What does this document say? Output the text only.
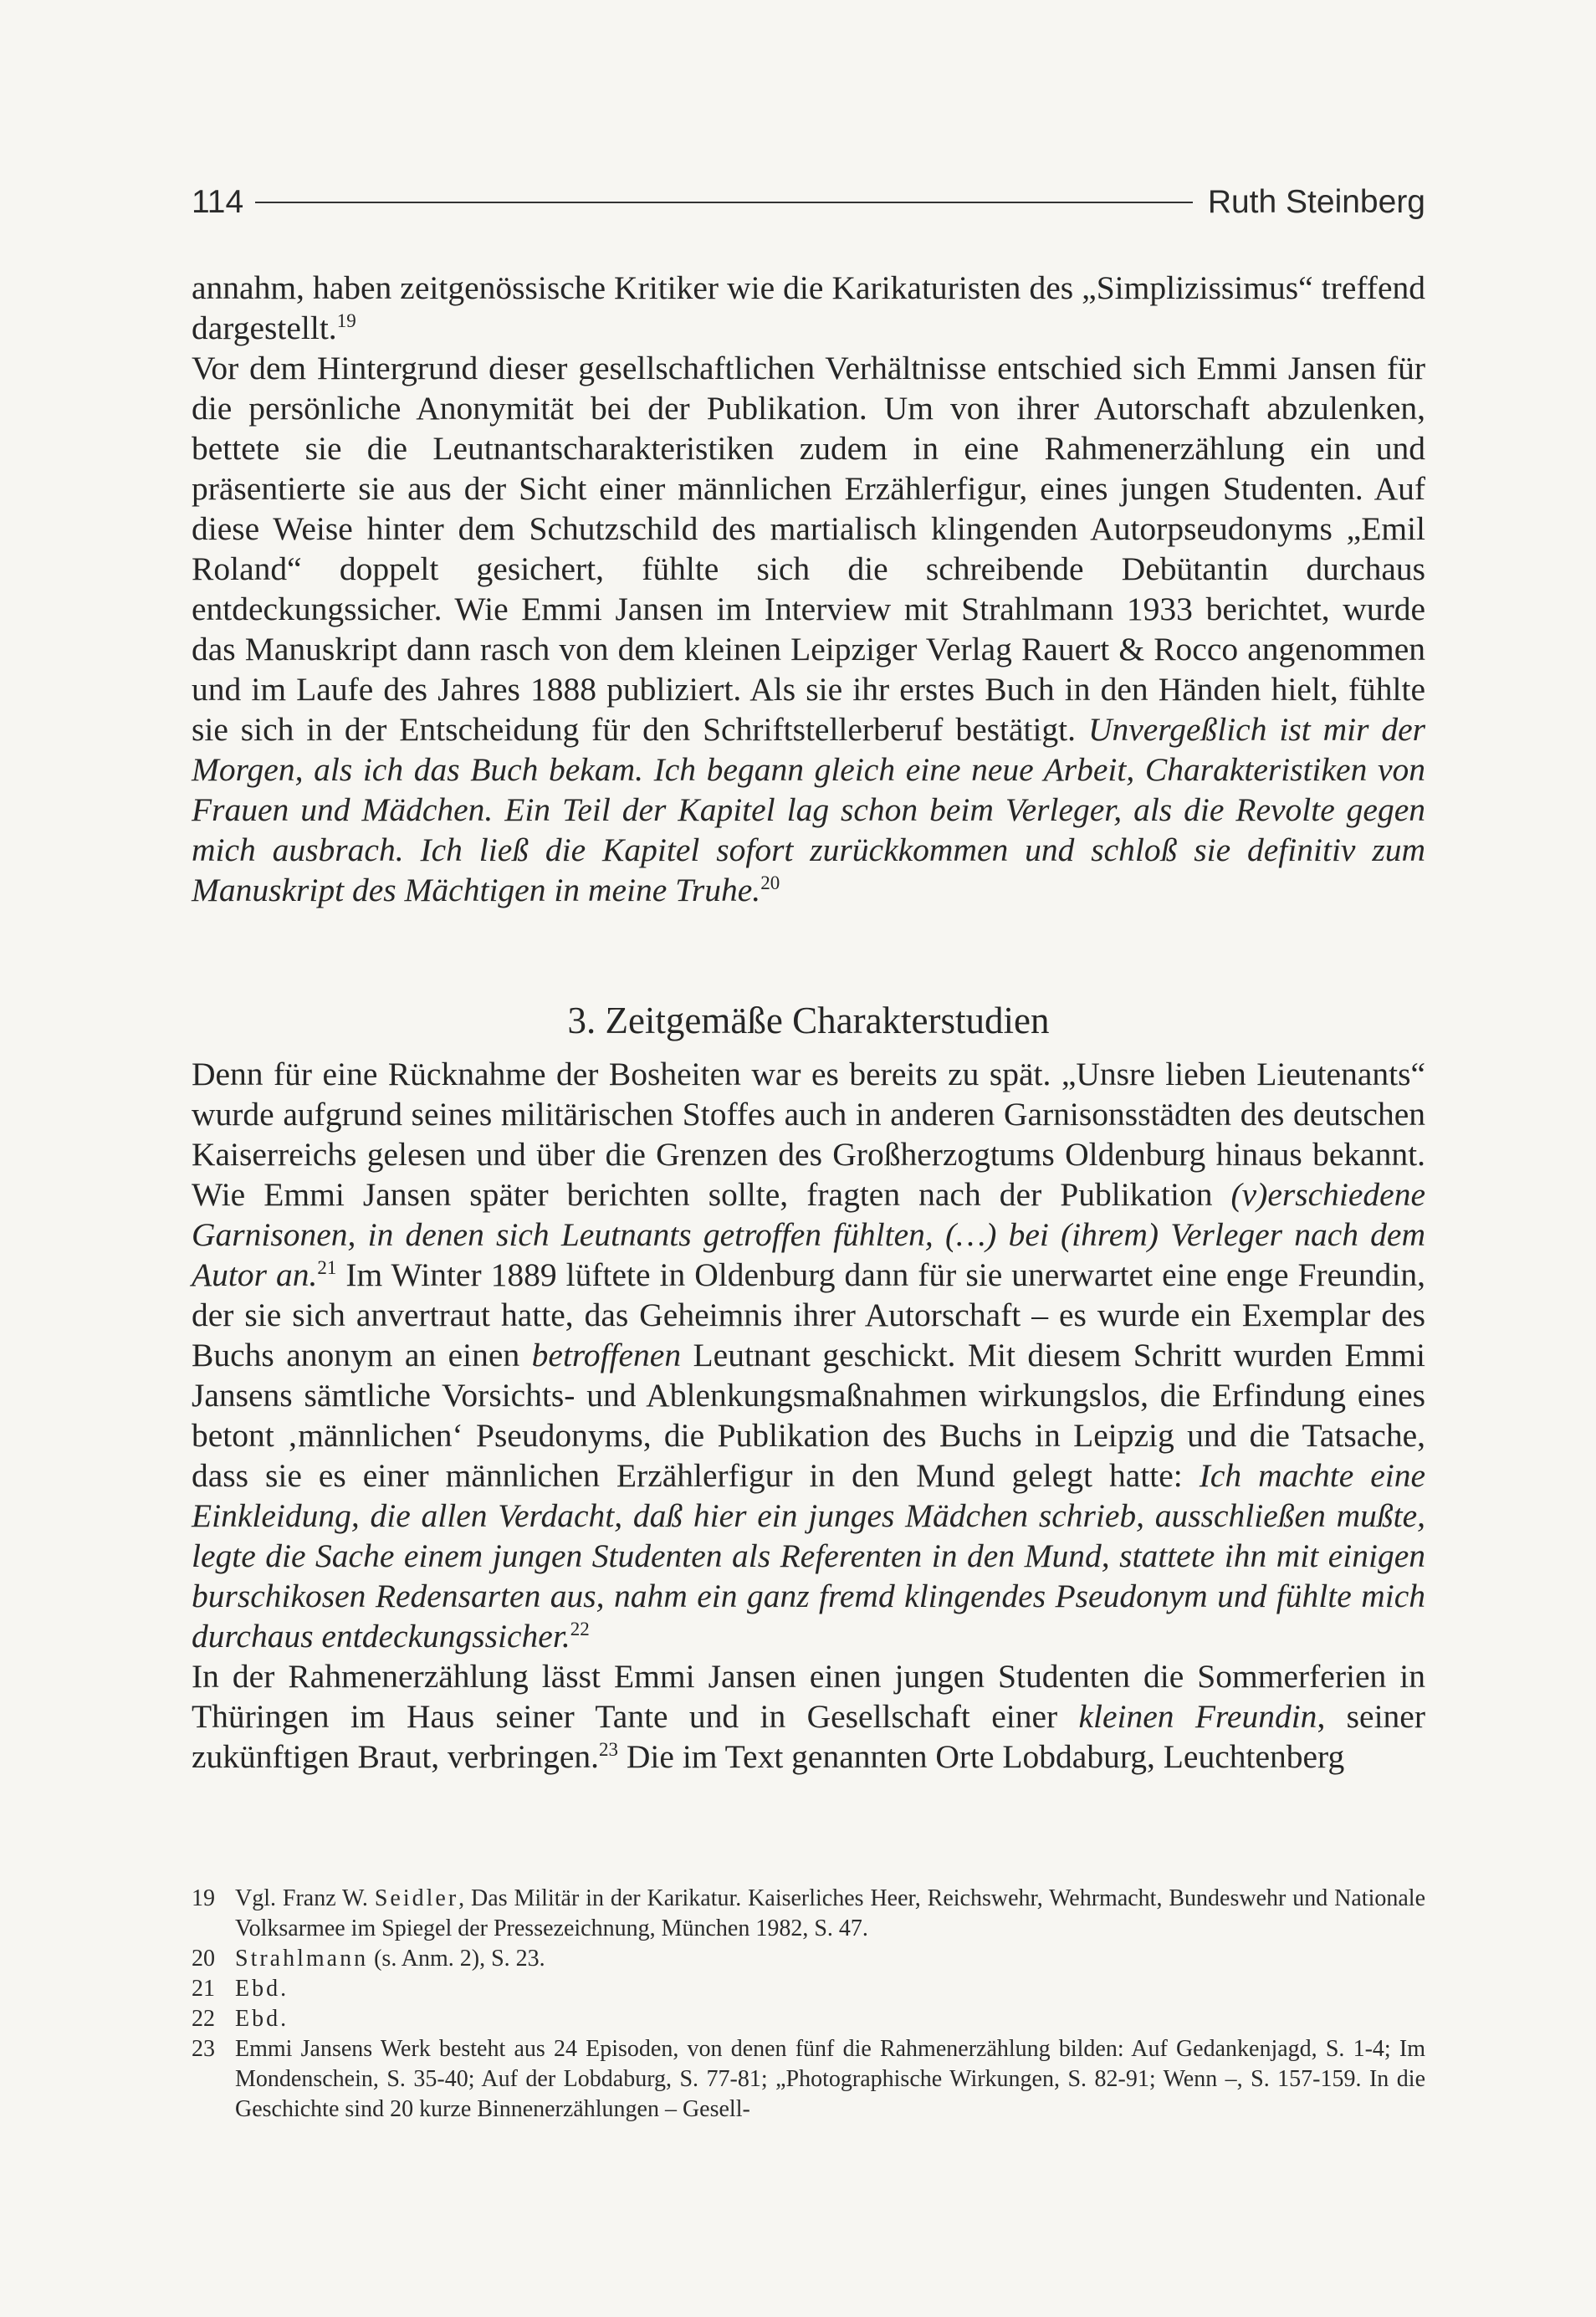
114	Ruth Steinberg

annahm, haben zeitgenössische Kritiker wie die Karikaturisten des „Simplizissimus“ treffend dargestellt.$^{19}$

Vor dem Hintergrund dieser gesellschaftlichen Verhältnisse entschied sich Emmi Jansen für die persönliche Anonymität bei der Publikation. Um von ihrer Autorschaft abzulenken, bettete sie die Leutnantscharakteristiken zudem in eine Rahmenerzählung ein und präsentierte sie aus der Sicht einer männlichen Erzählerfigur, eines jungen Studenten. Auf diese Weise hinter dem Schutzschild des martialisch klingenden Autorpseudonyms „Emil Roland“ doppelt gesichert, fühlte sich die schreibende Debütantin durchaus entdeckungssicher. Wie Emmi Jansen im Interview mit Strahlmann 1933 berichtet, wurde das Manuskript dann rasch von dem kleinen Leipziger Verlag Rauert & Rocco angenommen und im Laufe des Jahres 1888 publiziert. Als sie ihr erstes Buch in den Händen hielt, fühlte sie sich in der Entscheidung für den Schriftstellerberuf bestätigt. Unvergeßlich ist mir der Morgen, als ich das Buch bekam. Ich begann gleich eine neue Arbeit, Charakteristiken von Frauen und Mädchen. Ein Teil der Kapitel lag schon beim Verleger, als die Revolte gegen mich ausbrach. Ich ließ die Kapitel sofort zurückkommen und schloß sie definitiv zum Manuskript des Mächtigen in meine Truhe.$^{20}$

3. Zeitgemäße Charakterstudien

Denn für eine Rücknahme der Bosheiten war es bereits zu spät. „Unsre lieben Lieutenants“ wurde aufgrund seines militärischen Stoffes auch in anderen Garnisonsstädten des deutschen Kaiserreichs gelesen und über die Grenzen des Großherzogtums Oldenburg hinaus bekannt. Wie Emmi Jansen später berichten sollte, fragten nach der Publikation (v)erschiedene Garnisonen, in denen sich Leutnants getroffen fühlten, (…) bei (ihrem) Verleger nach dem Autor an.$^{21}$ Im Winter 1889 lüftete in Oldenburg dann für sie unerwartet eine enge Freundin, der sie sich anvertraut hatte, das Geheimnis ihrer Autorschaft – es wurde ein Exemplar des Buchs anonym an einen betroffenen Leutnant geschickt. Mit diesem Schritt wurden Emmi Jansens sämtliche Vorsichts- und Ablenkungsmaßnahmen wirkungslos, die Erfindung eines betont ‚männlichen‘ Pseudonyms, die Publikation des Buchs in Leipzig und die Tatsache, dass sie es einer männlichen Erzählerfigur in den Mund gelegt hatte: Ich machte eine Einkleidung, die allen Verdacht, daß hier ein junges Mädchen schrieb, ausschließen mußte, legte die Sache einem jungen Studenten als Referenten in den Mund, stattete ihn mit einigen burschikosen Redensarten aus, nahm ein ganz fremd klingendes Pseudonym und fühlte mich durchaus entdeckungssicher.$^{22}$

In der Rahmenerzählung lässt Emmi Jansen einen jungen Studenten die Sommerferien in Thüringen im Haus seiner Tante und in Gesellschaft einer kleinen Freundin, seiner zukünftigen Braut, verbringen.$^{23}$ Die im Text genannten Orte Lobdaburg, Leuchtenberg

19 Vgl. Franz W. Seidler, Das Militär in der Karikatur. Kaiserliches Heer, Reichswehr, Wehrmacht, Bundeswehr und Nationale Volksarmee im Spiegel der Pressezeichnung, München 1982, S. 47.
20 Strahlmann (s. Anm. 2), S. 23.
21 Ebd.
22 Ebd.
23 Emmi Jansens Werk besteht aus 24 Episoden, von denen fünf die Rahmenerzählung bilden: Auf Gedankenjagd, S. 1-4; Im Mondenschein, S. 35-40; Auf der Lobdaburg, S. 77-81; „Photographische Wirkungen, S. 82-91; Wenn –, S. 157-159. In die Geschichte sind 20 kurze Binnenerzählungen – Gesell-
